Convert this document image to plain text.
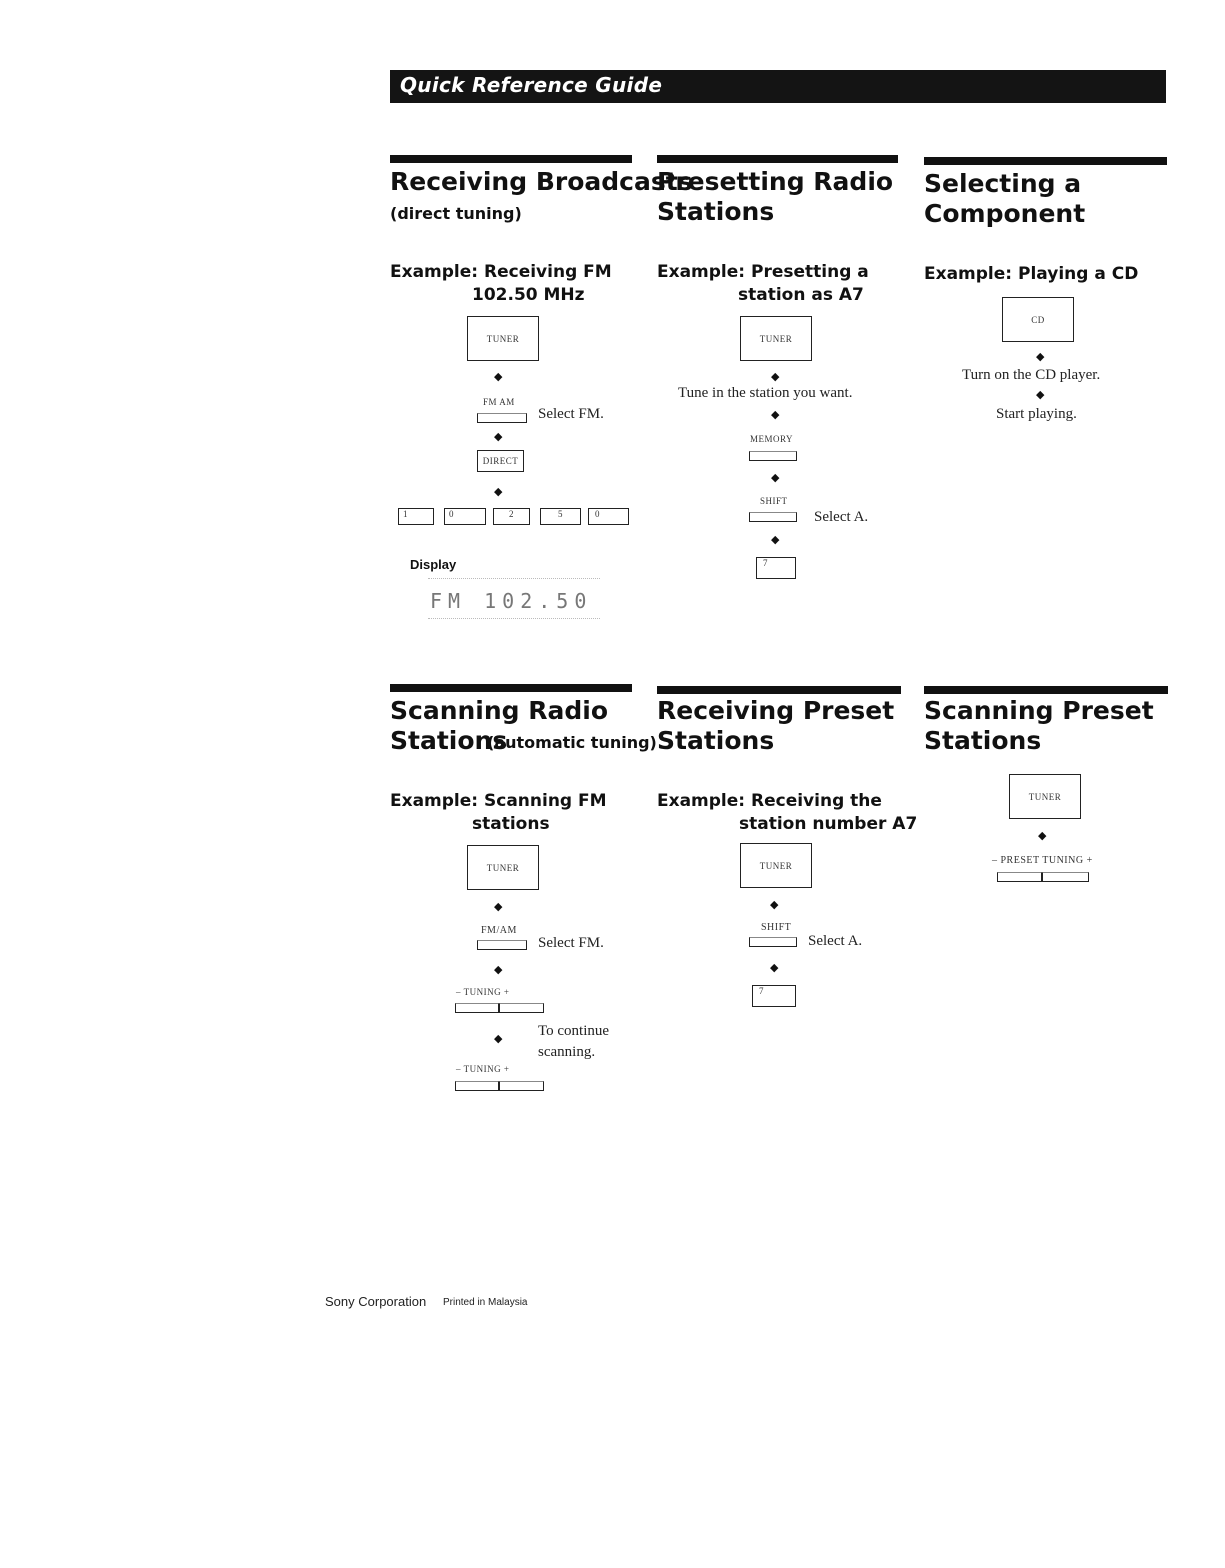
Quick Reference Guide
Receiving Broadcasts
(direct tuning)
Example: Receiving FM
102.50 MHz
TUNER
◆
FM AM
Select FM.
◆
DIRECT
◆
1	0	2	5	0
Display
FM 102.50
Presetting Radio
Stations
Example: Presetting a
station as A7
TUNER
◆
Tune in the station you want.
◆
MEMORY
◆
SHIFT
Select A.
◆
7
Selecting a
Component
Example: Playing a CD
CD
◆
Turn on the CD player.
◆
Start playing.
Scanning Radio
Stations
(automatic tuning)
Example: Scanning FM
stations
TUNER
◆
FM/AM
Select FM.
◆
– TUNING +
◆ To continue
scanning.
– TUNING +
Receiving Preset
Stations
Example: Receiving the
station number A7
TUNER
◆
SHIFT
Select A.
◆
7
Scanning Preset
Stations
TUNER
◆
– PRESET TUNING +
Sony Corporation Printed in Malaysia
